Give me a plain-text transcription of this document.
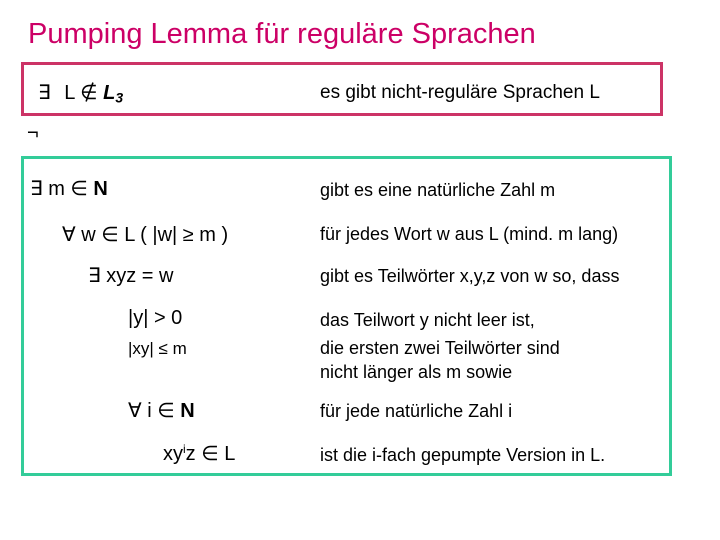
Pumping Lemma für reguläre Sprachen
∃ L ∉ $L_3$	es gibt nicht-reguläre Sprachen L
¬
∃ m ∈ N	gibt es eine natürliche Zahl m
∀ w ∈ L ( |w| ≥ m )	für jedes Wort w aus L (mind. m lang)
∃ xyz = w	gibt es Teilwörter x,y,z von w so, dass
|y| > 0	das Teilwort y nicht leer ist,
|xy| ≤ m	die ersten zwei Teilwörter sind
nicht länger als m sowie
∀ i ∈ N	für jede natürliche Zahl i
$xy^iz$ ∈ L	ist die i-fach gepumpte Version in L.
